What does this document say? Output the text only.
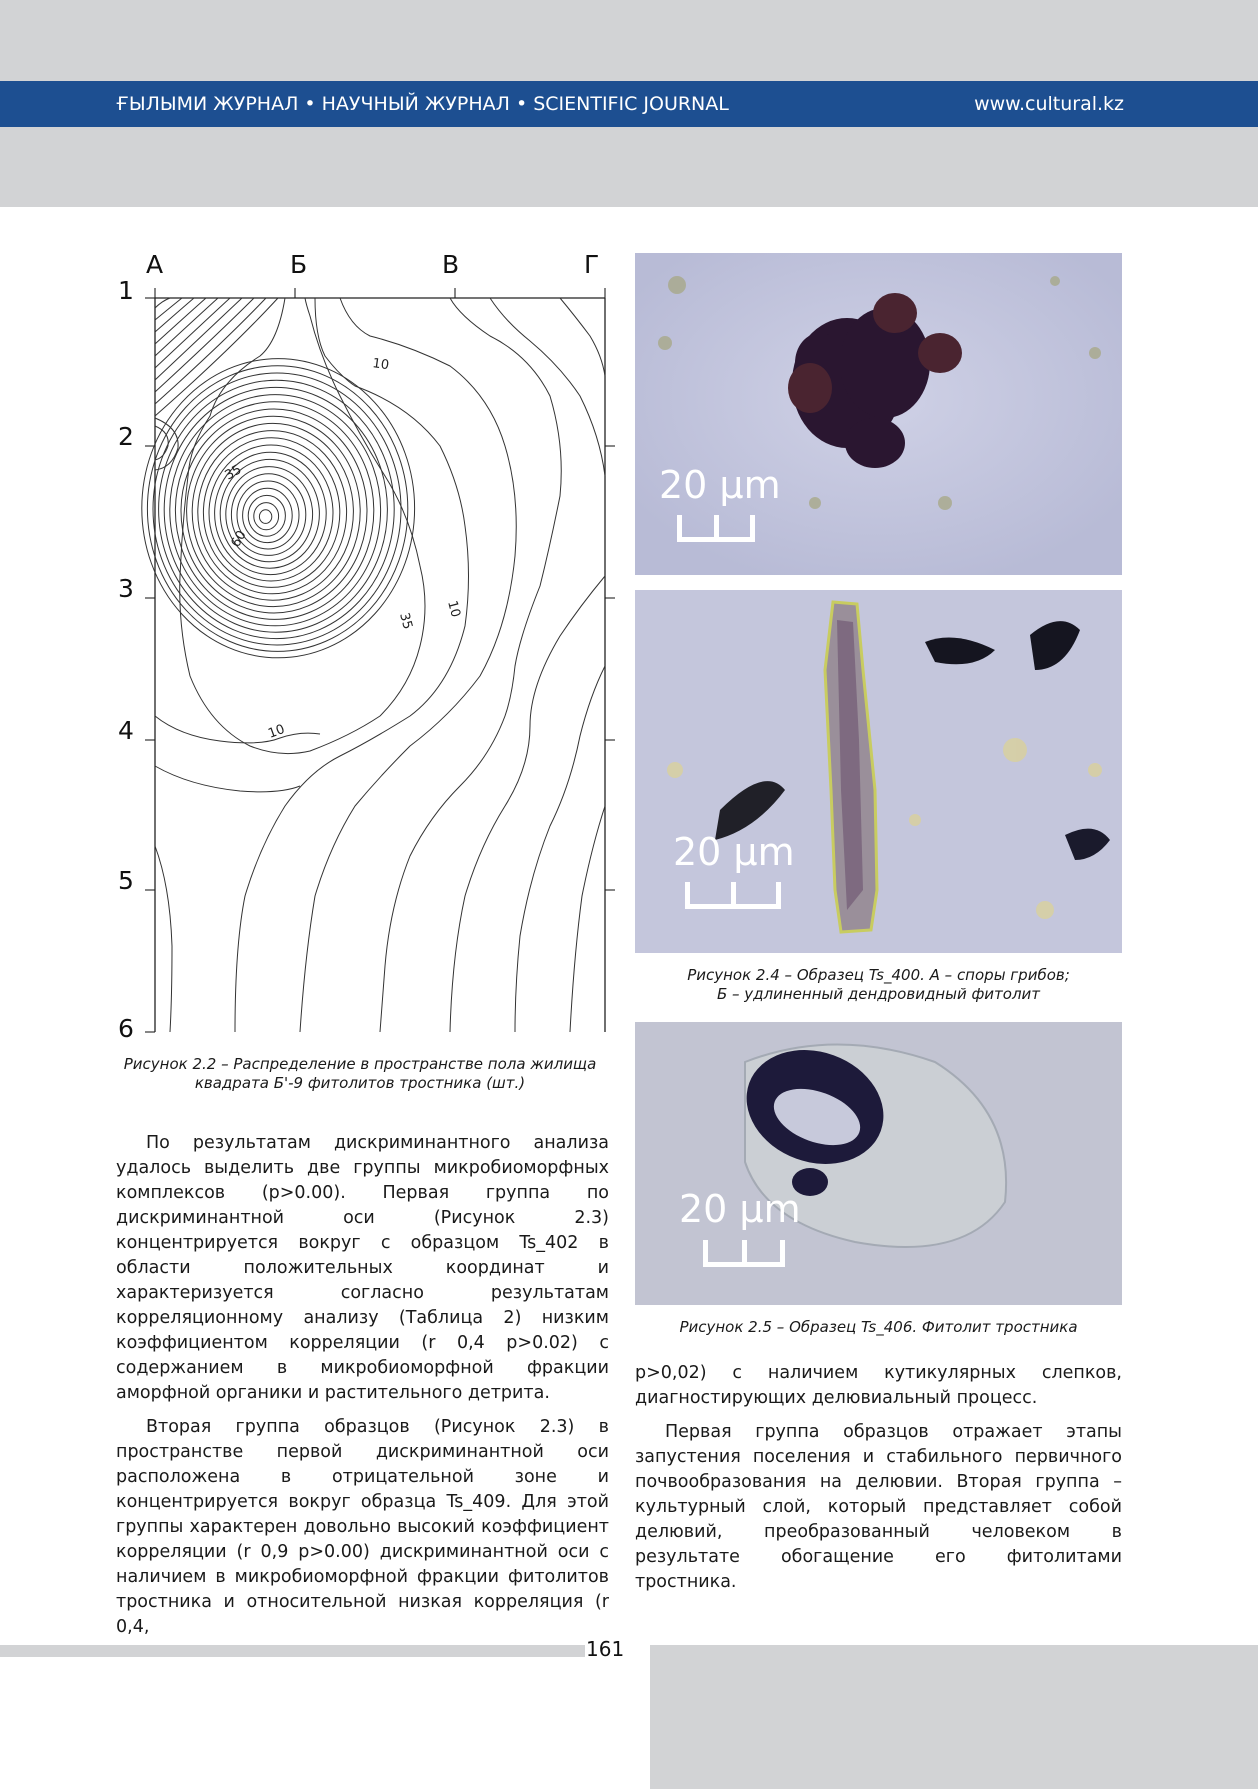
ҒЫЛЫМИ ЖУРНАЛ • НАУЧНЫЙ ЖУРНАЛ • SCIENTIFIC JOURNAL	www.cultural.kz
А	Б	В	Г
1
2
3
4
5
6
10
35
60
35
10
10
Рисунок 2.2 – Распределение в пространстве пола жилища
квадрата Б'-9 фитолитов тростника (шт.)
20 μm
20 μm
Рисунок 2.4 – Образец Ts_400. А – споры грибов;
Б – удлиненный дендровидный фитолит
20 μm
Рисунок 2.5 – Образец Ts_406. Фитолит тростника

По результатам дискриминантного анализа удалось выделить две группы микробиоморфных комплексов (p>0.00). Первая группа по дискриминантной оси (Рисунок 2.3) концентрируется вокруг с образцом Ts_402 в области положительных координат и характеризуется согласно результатам корреляционному анализу (Таблица 2) низким коэффициентом корреляции (r 0,4 p>0.02) с содержанием в микробиоморфной фракции аморфной органики и растительного детрита.

Вторая группа образцов (Рисунок 2.3) в пространстве первой дискриминантной оси расположена в отрицательной зоне и концентрируется вокруг образца Ts_409. Для этой группы характерен довольно высокий коэффициент корреляции (r 0,9 p>0.00) дискриминантной оси с наличием в микробиоморфной фракции фитолитов тростника и относительной низкая корреляция (r 0,4,

p>0,02) с наличием кутикулярных слепков, диагностирующих делювиальный процесс.

Первая группа образцов отражает этапы запустения поселения и стабильного первичного почвообразования на делювии. Вторая группа – культурный слой, который представляет собой делювий, преобразованный человеком в результате обогащение его фитолитами тростника.

161
